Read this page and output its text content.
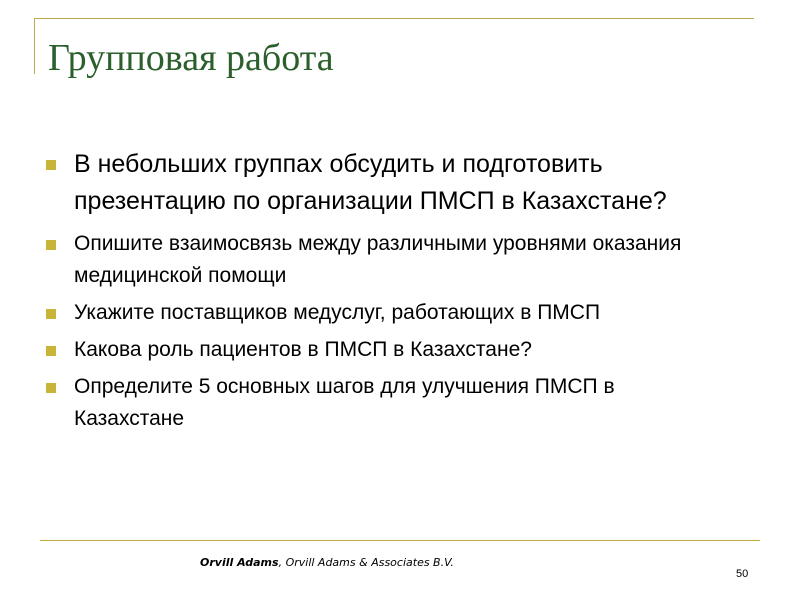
Групповая работа
В небольших группах обсудить и подготовить презентацию по организации ПМСП в Казахстане?
Опишите взаимосвязь между различными уровнями оказания медицинской помощи
Укажите поставщиков медуслуг, работающих в ПМСП
Какова роль пациентов в ПМСП в Казахстане?
Определите 5 основных шагов для улучшения ПМСП в Казахстане
Orvill Adams, Orvill Adams & Associates B.V.
50
